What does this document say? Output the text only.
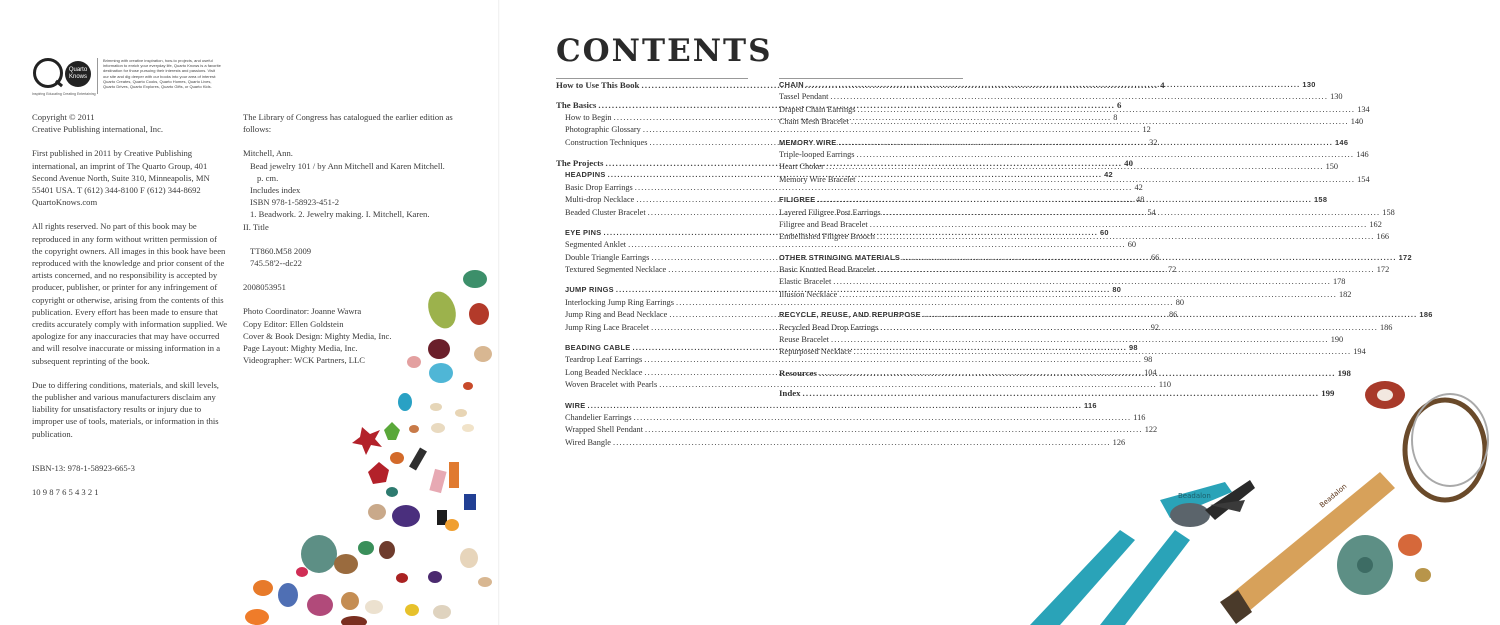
Quarto
Knows
Inspiring Educating Creating Entertaining
Brimming with creative inspiration, how-to projects, and useful information to enrich your everyday life, Quarto Knows is a favorite destination for those pursuing their interests and passions. Visit our site and dig deeper with our books into your area of interest: Quarto Creates, Quarto Cooks, Quarto Homes, Quarto Lives, Quarto Drives, Quarto Explores, Quarto Gifts, or Quarto Kids.

Copyright © 2011
Creative Publishing international, Inc.

First published in 2011 by Creative Publishing international, an imprint of The Quarto Group, 401 Second Avenue North, Suite 310, Minneapolis, MN 55401 USA. T (612) 344-8100 F (612) 344-8692 QuartoKnows.com

All rights reserved. No part of this book may be reproduced in any form without written permission of the copyright owners. All images in this book have been reproduced with the knowledge and prior consent of the artists concerned, and no responsibility is accepted by producer, publisher, or printer for any infringement of copyright or otherwise, arising from the contents of this publication. Every effort has been made to ensure that credits accurately comply with information supplied. We apologize for any inaccuracies that may have occurred and will resolve inaccurate or missing information in a subsequent reprinting of the book.

Due to differing conditions, materials, and skill levels, the publisher and various manufacturers disclaim any liability for unsatisfactory results or injury due to improper use of tools, materials, or information in this publication.

ISBN-13: 978-1-58923-665-3

10 9 8 7 6 5 4 3 2 1

The Library of Congress has catalogued the earlier edition as follows:

Mitchell, Ann.
Bead jewelry 101 / by Ann Mitchell and Karen Mitchell.
p. cm.
Includes index
ISBN 978-1-58923-451-2
1. Beadwork. 2. Jewelry making. I. Mitchell, Karen.
II. Title
TT860.M58 2009
745.58'2--dc22

2008053951

Photo Coordinator: Joanne Wawra
Copy Editor: Ellen Goldstein
Cover & Book Design: Mighty Media, Inc.
Page Layout: Mighty Media, Inc.
Videographer: WCK Partners, LLC
CONTENTS
Beadalon	Beadalon
How to Use This Book .....	4
The Basics .....	6
How to Begin .....	8
Photographic Glossary .....	12
Construction Techniques .....	32
The Projects .....	40
HEADPINS .....	42
Basic Drop Earrings .....	42
Multi-drop Necklace .....	48
Beaded Cluster Bracelet .....	54
EYE PINS .....	60
Segmented Anklet .....	60
Double Triangle Earrings .....	66
Textured Segmented Necklace .....	72
JUMP RINGS .....	80
Interlocking Jump Ring Earrings .....	80
Jump Ring and Bead Necklace .....	86
Jump Ring Lace Bracelet .....	92
BEADING CABLE .....	98
Teardrop Leaf Earrings .....	98
Long Beaded Necklace .....	104
Woven Bracelet with Pearls .....	110
WIRE .....	116
Chandelier Earrings .....	116
Wrapped Shell Pendant .....	122
Wired Bangle .....	126
CHAIN .....	130
Tassel Pendant .....	130
Draped Chain Earrings .....	134
Chain Mesh Bracelet .....	140
MEMORY WIRE .....	146
Triple-looped Earrings .....	146
Heart Choker .....	150
Memory Wire Bracelet .....	154
FILIGREE .....	158
Layered Filigree Post Earrings .....	158
Filigree and Bead Bracelet .....	162
Embellished Filigree Brooch .....	166
OTHER STRINGING MATERIALS .....	172
Basic Knotted Bead Bracelet .....	172
Elastic Bracelet .....	178
Illusion Necklace .....	182
RECYCLE, REUSE, AND REPURPOSE .....	186
Recycled Bead Drop Earrings .....	186
Reuse Bracelet .....	190
Repurposed Necklace .....	194
Resources .....	198
Index .....	199
